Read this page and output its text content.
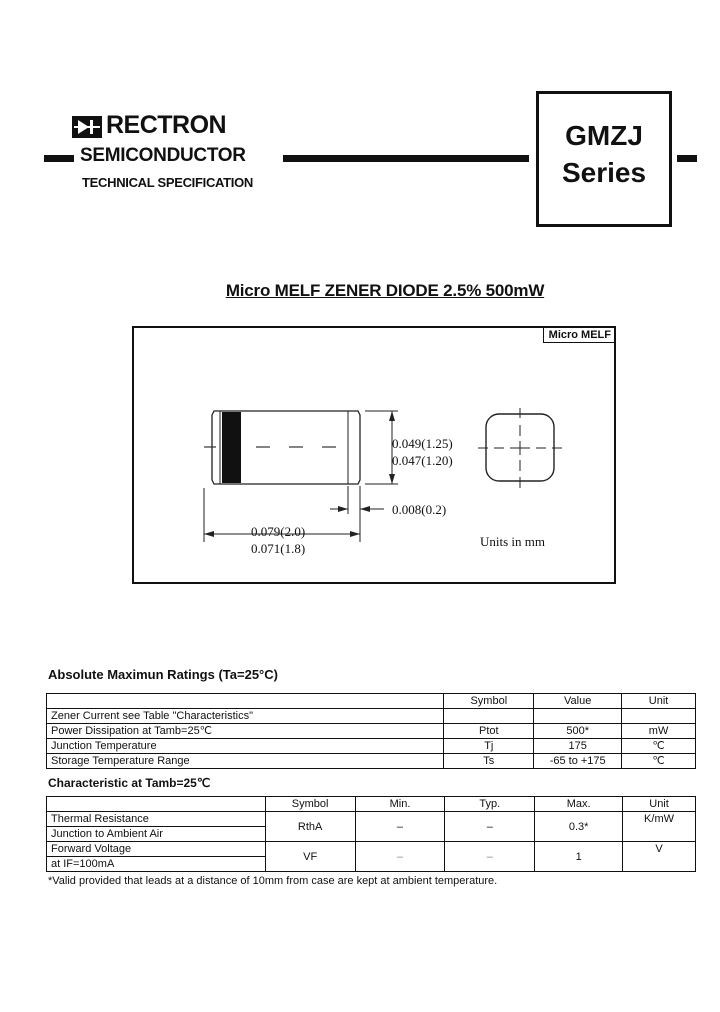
RECTRON
SEMICONDUCTOR
TECHNICAL SPECIFICATION
GMZJ
Series
Micro MELF ZENER DIODE 2.5% 500mW
Micro MELF
0.049(1.25)
0.047(1.20)
0.008(0.2)
0.079(2.0)
0.071(1.8)	Units in mm
Absolute Maximun Ratings (Ta=25°C)
	Symbol	Value	Unit
Zener Current see Table "Characteristics"			
Power Dissipation at Tamb=25℃	Ptot	500*	mW
Junction Temperature	Tj	175	℃
Storage Temperature Range	Ts	-65 to +175	℃
Characteristic at Tamb=25℃
	Symbol	Min.	Typ.	Max.	Unit
Thermal Resistance	RthA	–	–	0.3*	K/mW
Junction to Ambient Air					
Forward Voltage	VF	–	–	1	V
at IF=100mA					
*Valid provided that leads at a distance of 10mm from case are kept at ambient temperature.
